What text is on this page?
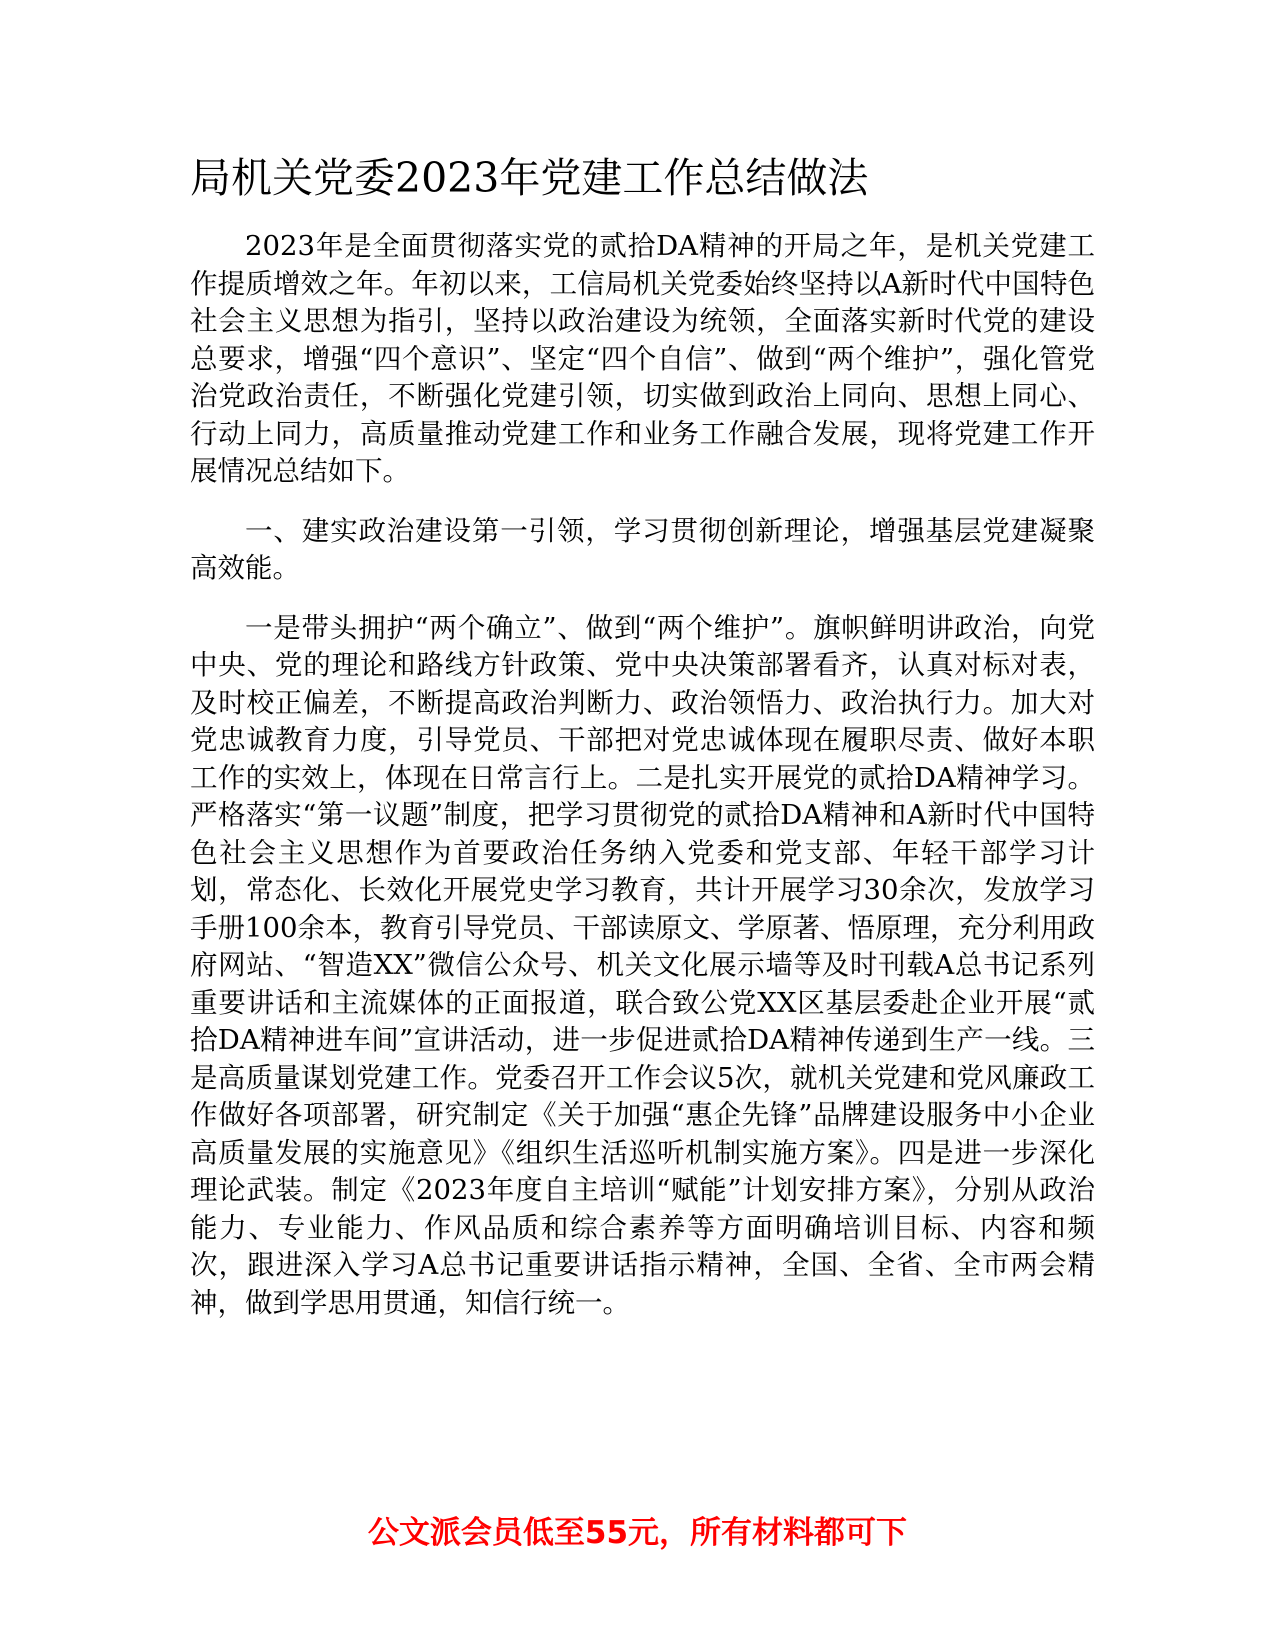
局机关党委2023年党建工作总结做法

2023年是全面贯彻落实党的贰拾DA精神的开局之年，是机关党建工作提质增效之年。年初以来，工信局机关党委始终坚持以A新时代中国特色社会主义思想为指引，坚持以政治建设为统领，全面落实新时代党的建设总要求，增强“四个意识”、坚定“四个自信”、做到“两个维护”，强化管党治党政治责任，不断强化党建引领，切实做到政治上同向、思想上同心、行动上同力，高质量推动党建工作和业务工作融合发展，现将党建工作开展情况总结如下。

一、建实政治建设第一引领，学习贯彻创新理论，增强基层党建凝聚高效能。

一是带头拥护“两个确立”、做到“两个维护”。旗帜鲜明讲政治，向党中央、党的理论和路线方针政策、党中央决策部署看齐，认真对标对表，及时校正偏差，不断提高政治判断力、政治领悟力、政治执行力。加大对党忠诚教育力度，引导党员、干部把对党忠诚体现在履职尽责、做好本职工作的实效上，体现在日常言行上。二是扎实开展党的贰拾DA精神学习。严格落实“第一议题”制度，把学习贯彻党的贰拾DA精神和A新时代中国特色社会主义思想作为首要政治任务纳入党委和党支部、年轻干部学习计划，常态化、长效化开展党史学习教育，共计开展学习30余次，发放学习手册100余本，教育引导党员、干部读原文、学原著、悟原理，充分利用政府网站、“智造XX”微信公众号、机关文化展示墙等及时刊载A总书记系列重要讲话和主流媒体的正面报道，联合致公党XX区基层委赴企业开展“贰拾DA精神进车间”宣讲活动，进一步促进贰拾DA精神传递到生产一线。三是高质量谋划党建工作。党委召开工作会议5次，就机关党建和党风廉政工作做好各项部署，研究制定《关于加强“惠企先锋”品牌建设服务中小企业高质量发展的实施意见》《组织生活巡听机制实施方案》。四是进一步深化理论武装。制定《2023年度自主培训“赋能”计划安排方案》，分别从政治能力、专业能力、作风品质和综合素养等方面明确培训目标、内容和频次，跟进深入学习A总书记重要讲话指示精神，全国、全省、全市两会精神，做到学思用贯通，知信行统一。

公文派会员低至55元，所有材料都可下
